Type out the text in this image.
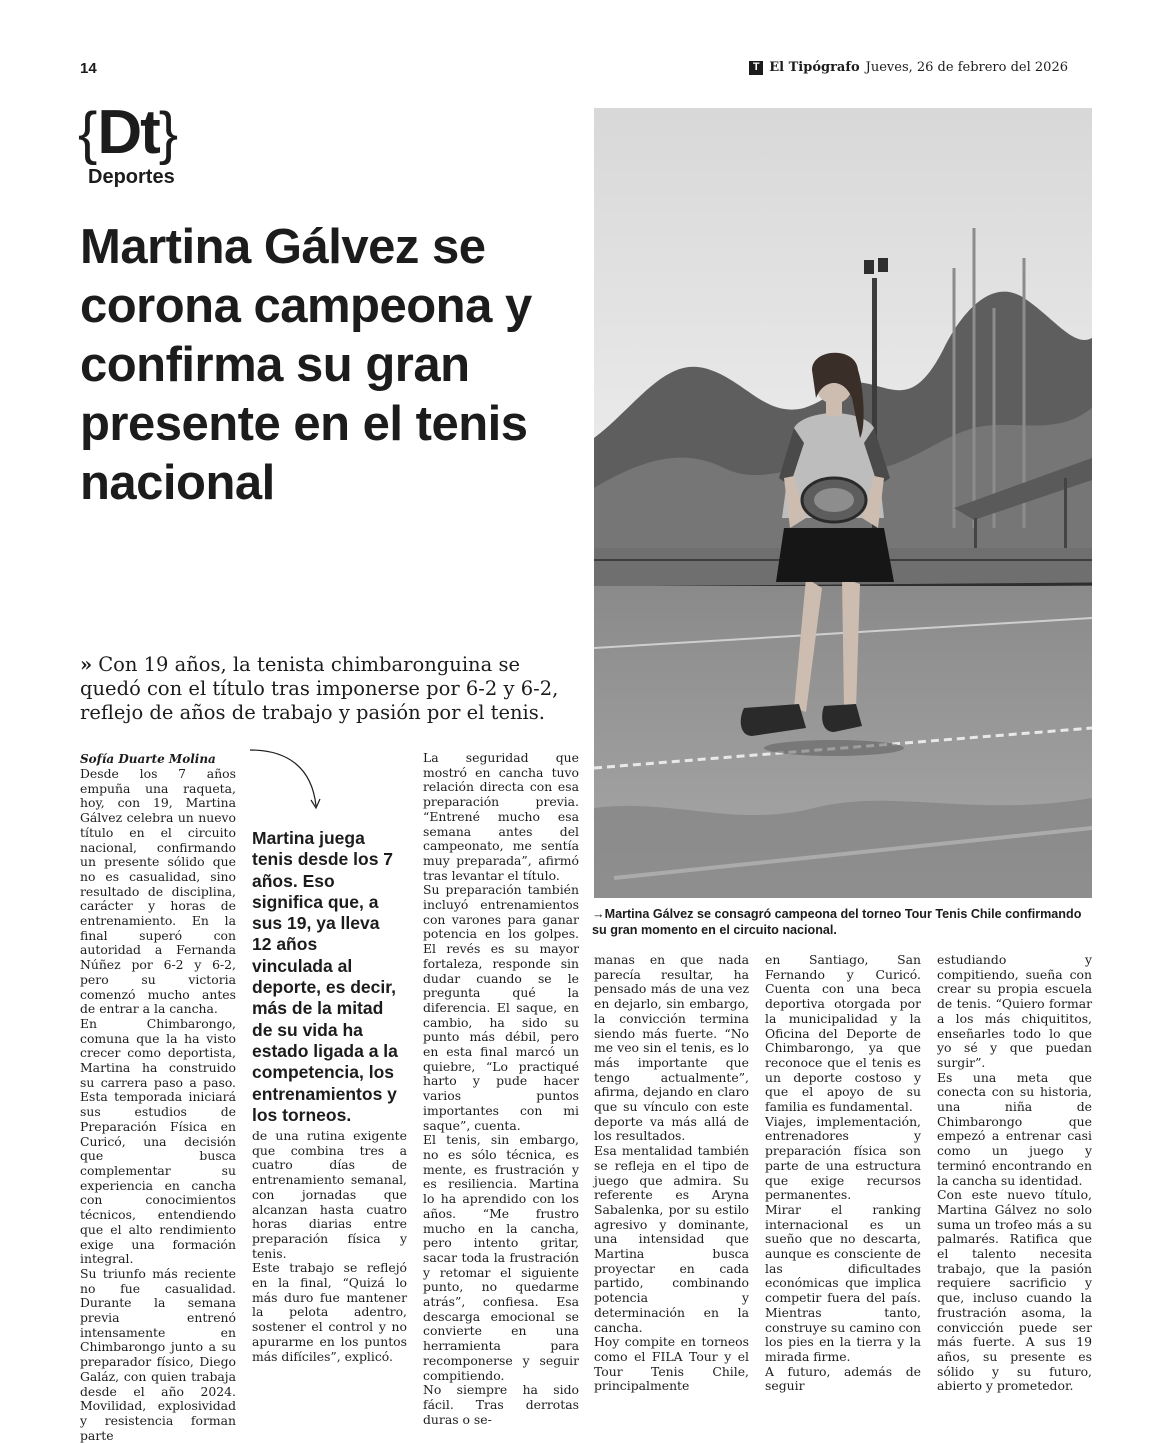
14	T El Tipógrafo Jueves, 26 de febrero del 2026
{Dt}
Deportes
Martina Gálvez se corona campeona y confirma su gran presente en el tenis nacional
» Con 19 años, la tenista chimbaronguina se quedó con el título tras imponerse por 6-2 y 6-2, reflejo de años de trabajo y pasión por el tenis.
→Martina Gálvez se consagró campeona del torneo Tour Tenis Chile confirmando su gran momento en el circuito nacional.
Sofía Duarte Molina

Desde los 7 años empuña una raqueta, hoy, con 19, Martina Gálvez celebra un nuevo título en el circuito nacional, confirmando un presente sólido que no es casualidad, sino resultado de disciplina, carácter y horas de entrenamiento. En la final superó con autoridad a Fernanda Núñez por 6-2 y 6-2, pero su victoria comenzó mucho antes de entrar a la cancha.

En Chimbarongo, comuna que la ha visto crecer como deportista, Martina ha construido su carrera paso a paso. Esta temporada iniciará sus estudios de Preparación Física en Curicó, una decisión que busca complementar su experiencia en cancha con conocimientos técnicos, entendiendo que el alto rendimiento exige una formación integral.

Su triunfo más reciente no fue casualidad. Durante la semana previa entrenó intensamente en Chimbarongo junto a su preparador físico, Diego Galáz, con quien trabaja desde el año 2024. Movilidad, explosividad y resistencia forman parte

Martina juega tenis desde los 7 años. Eso significa que, a sus 19, ya lleva 12 años vinculada al deporte, es decir, más de la mitad de su vida ha estado ligada a la competencia, los entrenamientos y los torneos.

de una rutina exigente que combina tres a cuatro días de entrenamiento semanal, con jornadas que alcanzan hasta cuatro horas diarias entre preparación física y tenis.

Este trabajo se reflejó en la final, “Quizá lo más duro fue mantener la pelota adentro, sostener el control y no apurarme en los puntos más difíciles”, explicó.

La seguridad que mostró en cancha tuvo relación directa con esa preparación previa. “Entrené mucho esa semana antes del campeonato, me sentía muy preparada”, afirmó tras levantar el título.

Su preparación también incluyó entrenamientos con varones para ganar potencia en los golpes. El revés es su mayor fortaleza, responde sin dudar cuando se le pregunta qué la diferencia. El saque, en cambio, ha sido su punto más débil, pero en esta final marcó un quiebre, “Lo practiqué harto y pude hacer varios puntos importantes con mi saque”, cuenta.

El tenis, sin embargo, no es sólo técnica, es mente, es frustración y es resiliencia. Martina lo ha aprendido con los años. “Me frustro mucho en la cancha, pero intento gritar, sacar toda la frustración y retomar el siguiente punto, no quedarme atrás”, confiesa. Esa descarga emocional se convierte en una herramienta para recomponerse y seguir compitiendo.

No siempre ha sido fácil. Tras derrotas duras o se-

manas en que nada parecía resultar, ha pensado más de una vez en dejarlo, sin embargo, la convicción termina siendo más fuerte. “No me veo sin el tenis, es lo más importante que tengo actualmente”, afirma, dejando en claro que su vínculo con este deporte va más allá de los resultados.

Esa mentalidad también se refleja en el tipo de juego que admira. Su referente es Aryna Sabalenka, por su estilo agresivo y dominante, una intensidad que Martina busca proyectar en cada partido, combinando potencia y determinación en la cancha.

Hoy compite en torneos como el FILA Tour y el Tour Tenis Chile, principalmente

en Santiago, San Fernando y Curicó. Cuenta con una beca deportiva otorgada por la municipalidad y la Oficina del Deporte de Chimbarongo, ya que reconoce que el tenis es un deporte costoso y que el apoyo de su familia es fundamental.

Viajes, implementación, entrenadores y preparación física son parte de una estructura que exige recursos permanentes.

Mirar el ranking internacional es un sueño que no descarta, aunque es consciente de las dificultades económicas que implica competir fuera del país. Mientras tanto, construye su camino con los pies en la tierra y la mirada firme.

A futuro, además de seguir

estudiando y compitiendo, sueña con crear su propia escuela de tenis. “Quiero formar a los más chiquititos, enseñarles todo lo que yo sé y que puedan surgir”.

Es una meta que conecta con su historia, una niña de Chimbarongo que empezó a entrenar casi como un juego y terminó encontrando en la cancha su identidad.

Con este nuevo título, Martina Gálvez no solo suma un trofeo más a su palmarés. Ratifica que el talento necesita trabajo, que la pasión requiere sacrificio y que, incluso cuando la frustración asoma, la convicción puede ser más fuerte. A sus 19 años, su presente es sólido y su futuro, abierto y prometedor.
